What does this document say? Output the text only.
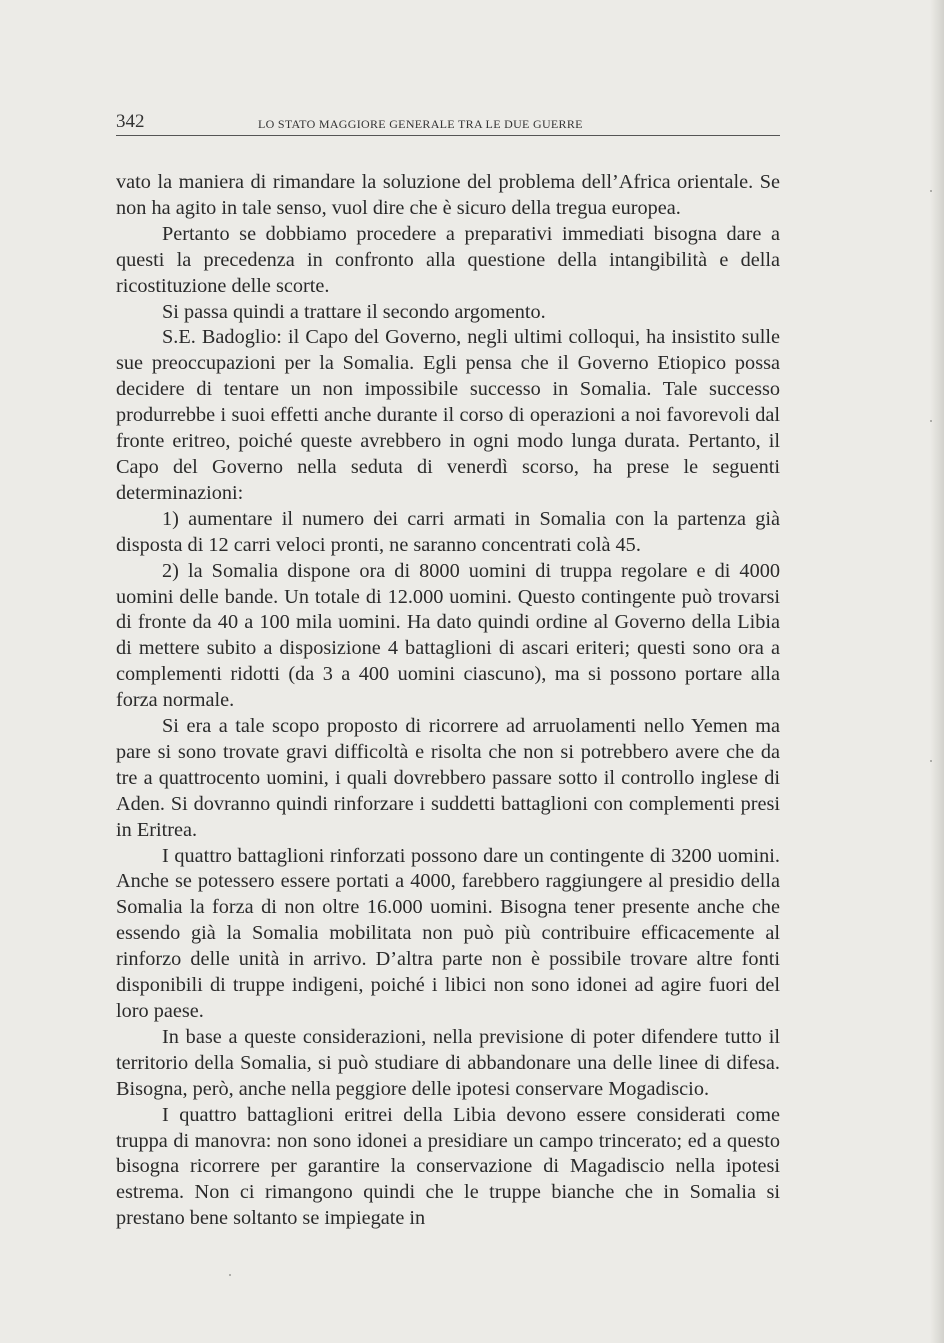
342	LO STATO MAGGIORE GENERALE TRA LE DUE GUERRE

vato la maniera di rimandare la soluzione del problema dell’Africa orientale. Se non ha agito in tale senso, vuol dire che è sicuro della tregua europea.

Pertanto se dobbiamo procedere a preparativi immediati bisogna dare a questi la precedenza in confronto alla questione della intangibilità e della ricostituzione delle scorte.

Si passa quindi a trattare il secondo argomento.

S.E. Badoglio: il Capo del Governo, negli ultimi colloqui, ha insistito sulle sue preoccupazioni per la Somalia. Egli pensa che il Governo Etiopico possa decidere di tentare un non impossibile successo in Somalia. Tale successo produrrebbe i suoi effetti anche durante il corso di operazioni a noi favorevoli dal fronte eritreo, poiché queste avrebbero in ogni modo lunga durata. Pertanto, il Capo del Governo nella seduta di venerdì scorso, ha prese le seguenti determinazioni:

1) aumentare il numero dei carri armati in Somalia con la partenza già disposta di 12 carri veloci pronti, ne saranno concentrati colà 45.

2) la Somalia dispone ora di 8000 uomini di truppa regolare e di 4000 uomini delle bande. Un totale di 12.000 uomini. Questo contingente può trovarsi di fronte da 40 a 100 mila uomini. Ha dato quindi ordine al Governo della Libia di mettere subito a disposizione 4 battaglioni di ascari eriteri; questi sono ora a complementi ridotti (da 3 a 400 uomini ciascuno), ma si possono portare alla forza normale.

Si era a tale scopo proposto di ricorrere ad arruolamenti nello Yemen ma pare si sono trovate gravi difficoltà e risolta che non si potrebbero avere che da tre a quattrocento uomini, i quali dovrebbero passare sotto il controllo inglese di Aden. Si dovranno quindi rinforzare i suddetti battaglioni con complementi presi in Eritrea.

I quattro battaglioni rinforzati possono dare un contingente di 3200 uomini. Anche se potessero essere portati a 4000, farebbero raggiungere al presidio della Somalia la forza di non oltre 16.000 uomini. Bisogna tener presente anche che essendo già la Somalia mobilitata non può più contribuire efficacemente al rinforzo delle unità in arrivo. D’altra parte non è possibile trovare altre fonti disponibili di truppe indigeni, poiché i libici non sono idonei ad agire fuori del loro paese.

In base a queste considerazioni, nella previsione di poter difendere tutto il territorio della Somalia, si può studiare di abbandonare una delle linee di difesa. Bisogna, però, anche nella peggiore delle ipotesi conservare Mogadiscio.

I quattro battaglioni eritrei della Libia devono essere considerati come truppa di manovra: non sono idonei a presidiare un campo trincerato; ed a questo bisogna ricorrere per garantire la conservazione di Magadiscio nella ipotesi estrema. Non ci rimangono quindi che le truppe bianche che in Somalia si prestano bene soltanto se impiegate in
